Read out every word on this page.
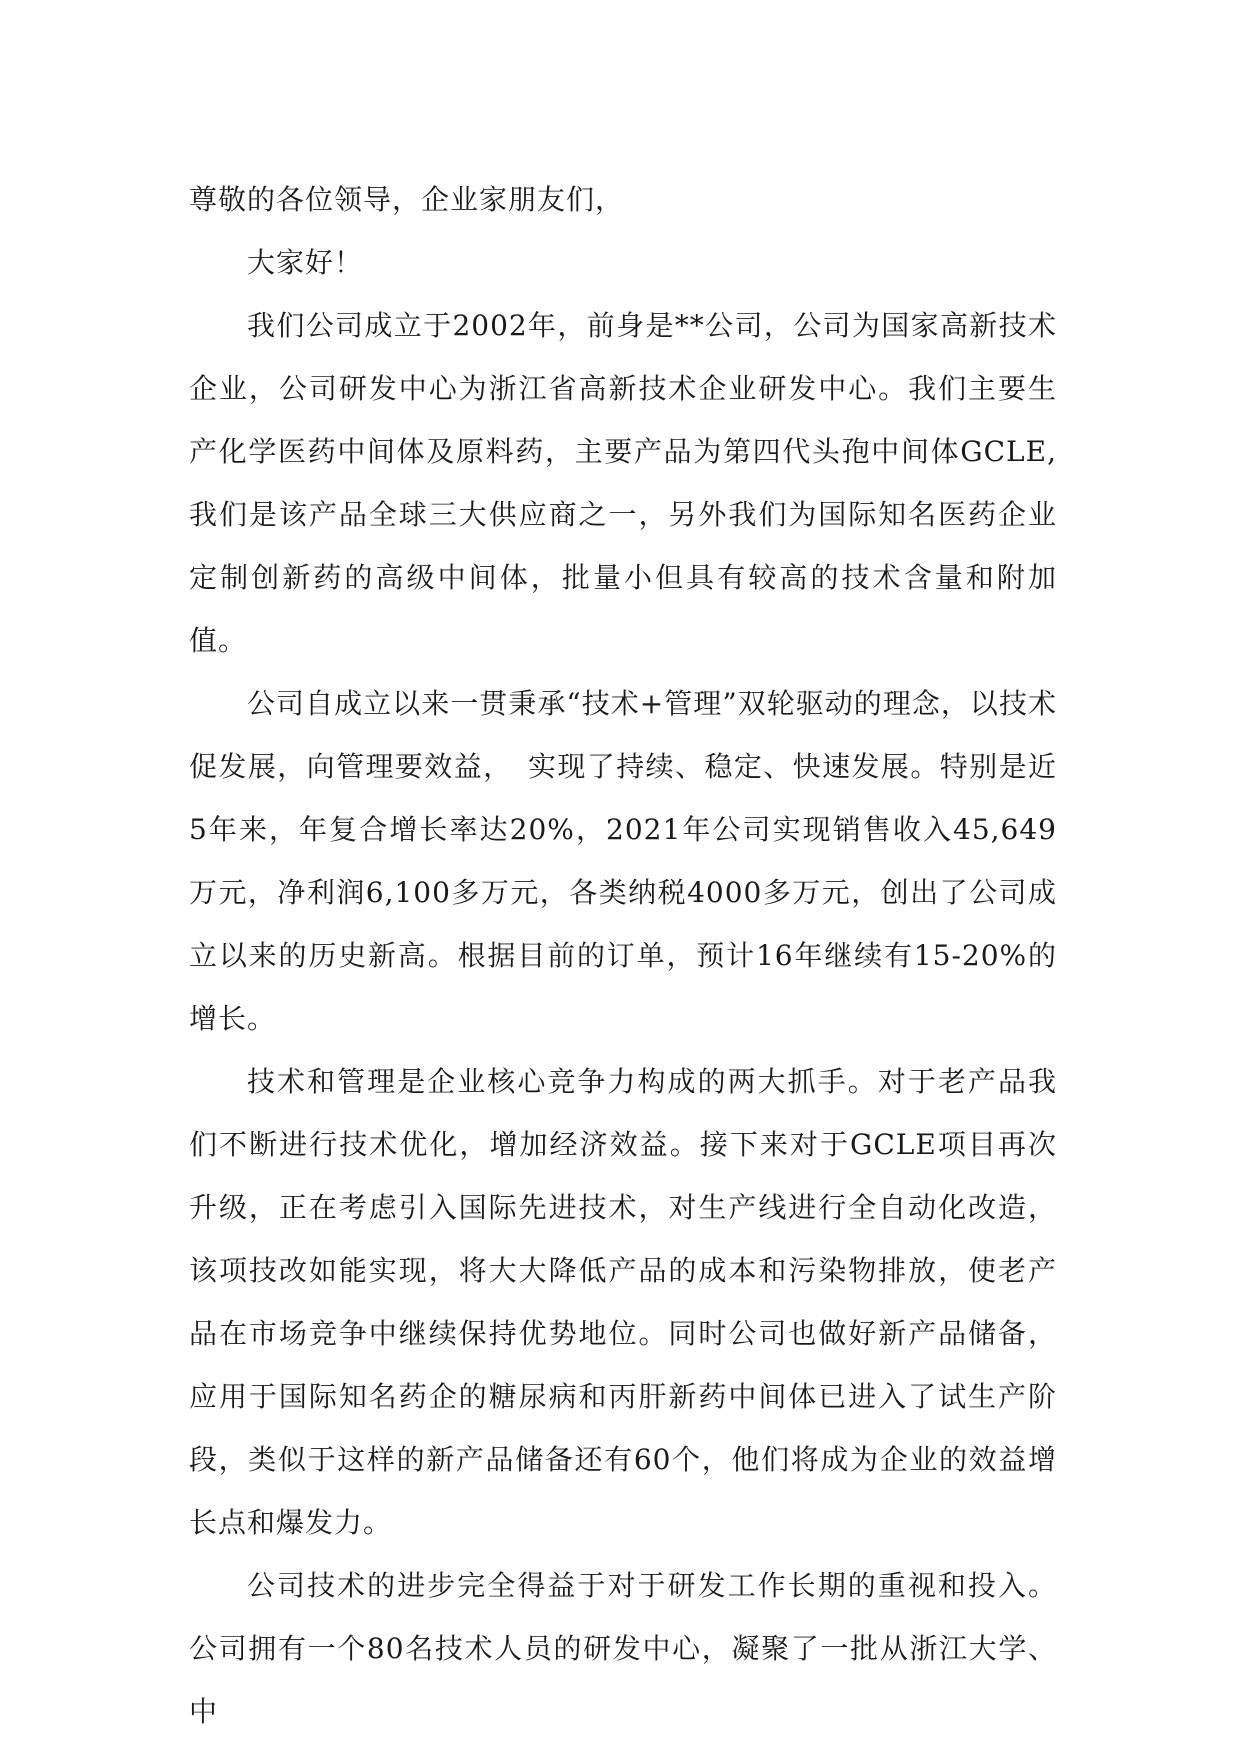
尊敬的各位领导，企业家朋友们，

大家好！

我们公司成立于2002年，前身是**公司，公司为国家高新技术企业，公司研发中心为浙江省高新技术企业研发中心。我们主要生产化学医药中间体及原料药，主要产品为第四代头孢中间体GCLE,我们是该产品全球三大供应商之一，另外我们为国际知名医药企业定制创新药的高级中间体，批量小但具有较高的技术含量和附加值。

公司自成立以来一贯秉承“技术+管理”双轮驱动的理念，以技术促发展，向管理要效益，　实现了持续、稳定、快速发展。特别是近5年来，年复合增长率达20%，2021年公司实现销售收入45,649万元，净利润6,100多万元，各类纳税4000多万元，创出了公司成立以来的历史新高。根据目前的订单，预计16年继续有15-20%的增长。

技术和管理是企业核心竞争力构成的两大抓手。对于老产品我们不断进行技术优化，增加经济效益。接下来对于GCLE项目再次升级，正在考虑引入国际先进技术，对生产线进行全自动化改造，该项技改如能实现，将大大降低产品的成本和污染物排放，使老产品在市场竞争中继续保持优势地位。同时公司也做好新产品储备，应用于国际知名药企的糖尿病和丙肝新药中间体已进入了试生产阶段，类似于这样的新产品储备还有60个，他们将成为企业的效益增长点和爆发力。

公司技术的进步完全得益于对于研发工作长期的重视和投入。公司拥有一个80名技术人员的研发中心，凝聚了一批从浙江大学、中
